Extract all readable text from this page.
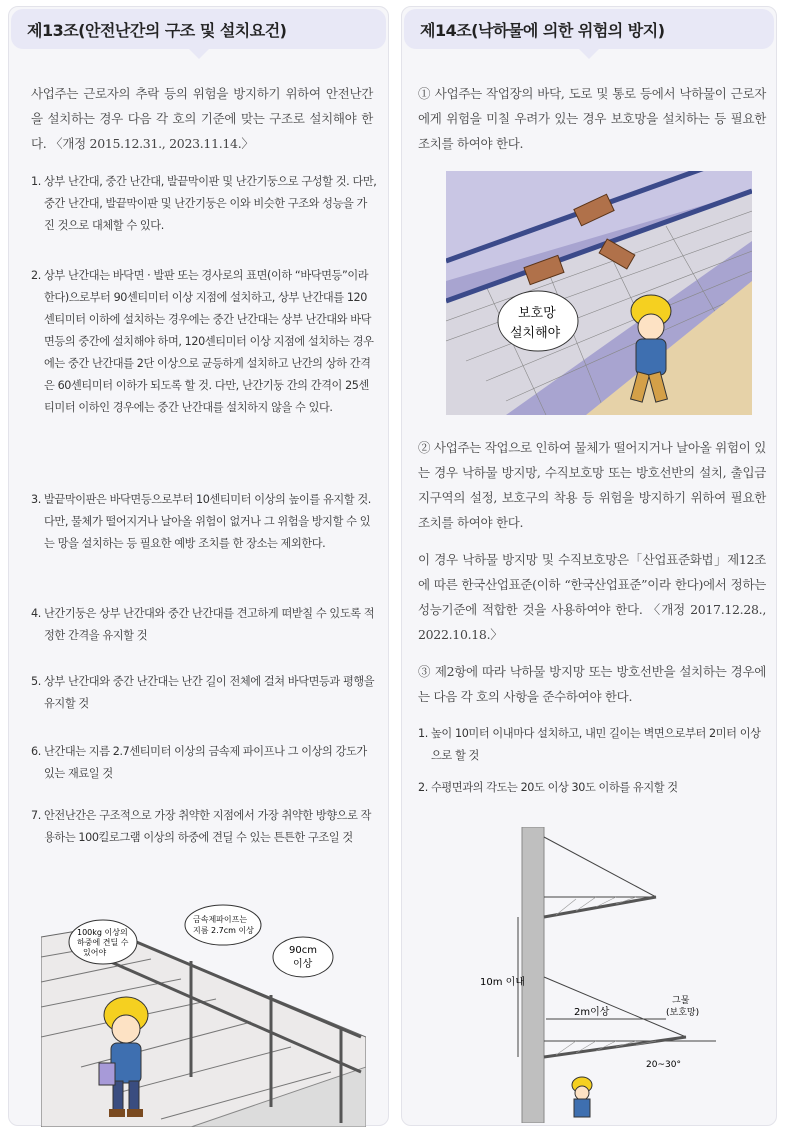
제13조(안전난간의 구조 및 설치요건)
사업주는 근로자의 추락 등의 위험을 방지하기 위하여 안전난간을 설치하는 경우 다음 각 호의 기준에 맞는 구조로 설치해야 한다. 〈개정 2015.12.31., 2023.11.14.〉
1. 상부 난간대, 중간 난간대, 발끝막이판 및 난간기둥으로 구성할 것. 다만, 중간 난간대, 발끝막이판 및 난간기둥은 이와 비슷한 구조와 성능을 가진 것으로 대체할 수 있다.
2. 상부 난간대는 바닥면 · 발판 또는 경사로의 표면(이하 “바닥면등”이라 한다)으로부터 90센티미터 이상 지점에 설치하고, 상부 난간대를 120센티미터 이하에 설치하는 경우에는 중간 난간대는 상부 난간대와 바닥면등의 중간에 설치해야 하며, 120센티미터 이상 지점에 설치하는 경우에는 중간 난간대를 2단 이상으로 균등하게 설치하고 난간의 상하 간격은 60센티미터 이하가 되도록 할 것. 다만, 난간기둥 간의 간격이 25센티미터 이하인 경우에는 중간 난간대를 설치하지 않을 수 있다.
3. 발끝막이판은 바닥면등으로부터 10센티미터 이상의 높이를 유지할 것. 다만, 물체가 떨어지거나 날아올 위험이 없거나 그 위험을 방지할 수 있는 망을 설치하는 등 필요한 예방 조치를 한 장소는 제외한다.
4. 난간기둥은 상부 난간대와 중간 난간대를 견고하게 떠받칠 수 있도록 적정한 간격을 유지할 것
5. 상부 난간대와 중간 난간대는 난간 길이 전체에 걸쳐 바닥면등과 평행을 유지할 것
6. 난간대는 지름 2.7센티미터 이상의 금속제 파이프나 그 이상의 강도가 있는 재료일 것
7. 안전난간은 구조적으로 가장 취약한 지점에서 가장 취약한 방향으로 작용하는 100킬로그램 이상의 하중에 견딜 수 있는 튼튼한 구조일 것
100kg 이상의
하중에 견딜 수
있어야
금속제파이프는
지름 2.7cm 이상
90cm
이상
제14조(낙하물에 의한 위험의 방지)
① 사업주는 작업장의 바닥, 도로 및 통로 등에서 낙하물이 근로자에게 위험을 미칠 우려가 있는 경우 보호망을 설치하는 등 필요한 조치를 하여야 한다.
보호망
설치해야
② 사업주는 작업으로 인하여 물체가 떨어지거나 날아올 위험이 있는 경우 낙하물 방지망, 수직보호망 또는 방호선반의 설치, 출입금지구역의 설정, 보호구의 착용 등 위험을 방지하기 위하여 필요한 조치를 하여야 한다.
이 경우 낙하물 방지망 및 수직보호망은「산업표준화법」제12조에 따른 한국산업표준(이하 “한국산업표준”이라 한다)에서 정하는 성능기준에 적합한 것을 사용하여야 한다. 〈개정 2017.12.28., 2022.10.18.〉
③ 제2항에 따라 낙하물 방지망 또는 방호선반을 설치하는 경우에는 다음 각 호의 사항을 준수하여야 한다.
1. 높이 10미터 이내마다 설치하고, 내민 길이는 벽면으로부터 2미터 이상으로 할 것
2. 수평면과의 각도는 20도 이상 30도 이하를 유지할 것
10m 이내
2m이상
20~30°
그물
(보호망)
